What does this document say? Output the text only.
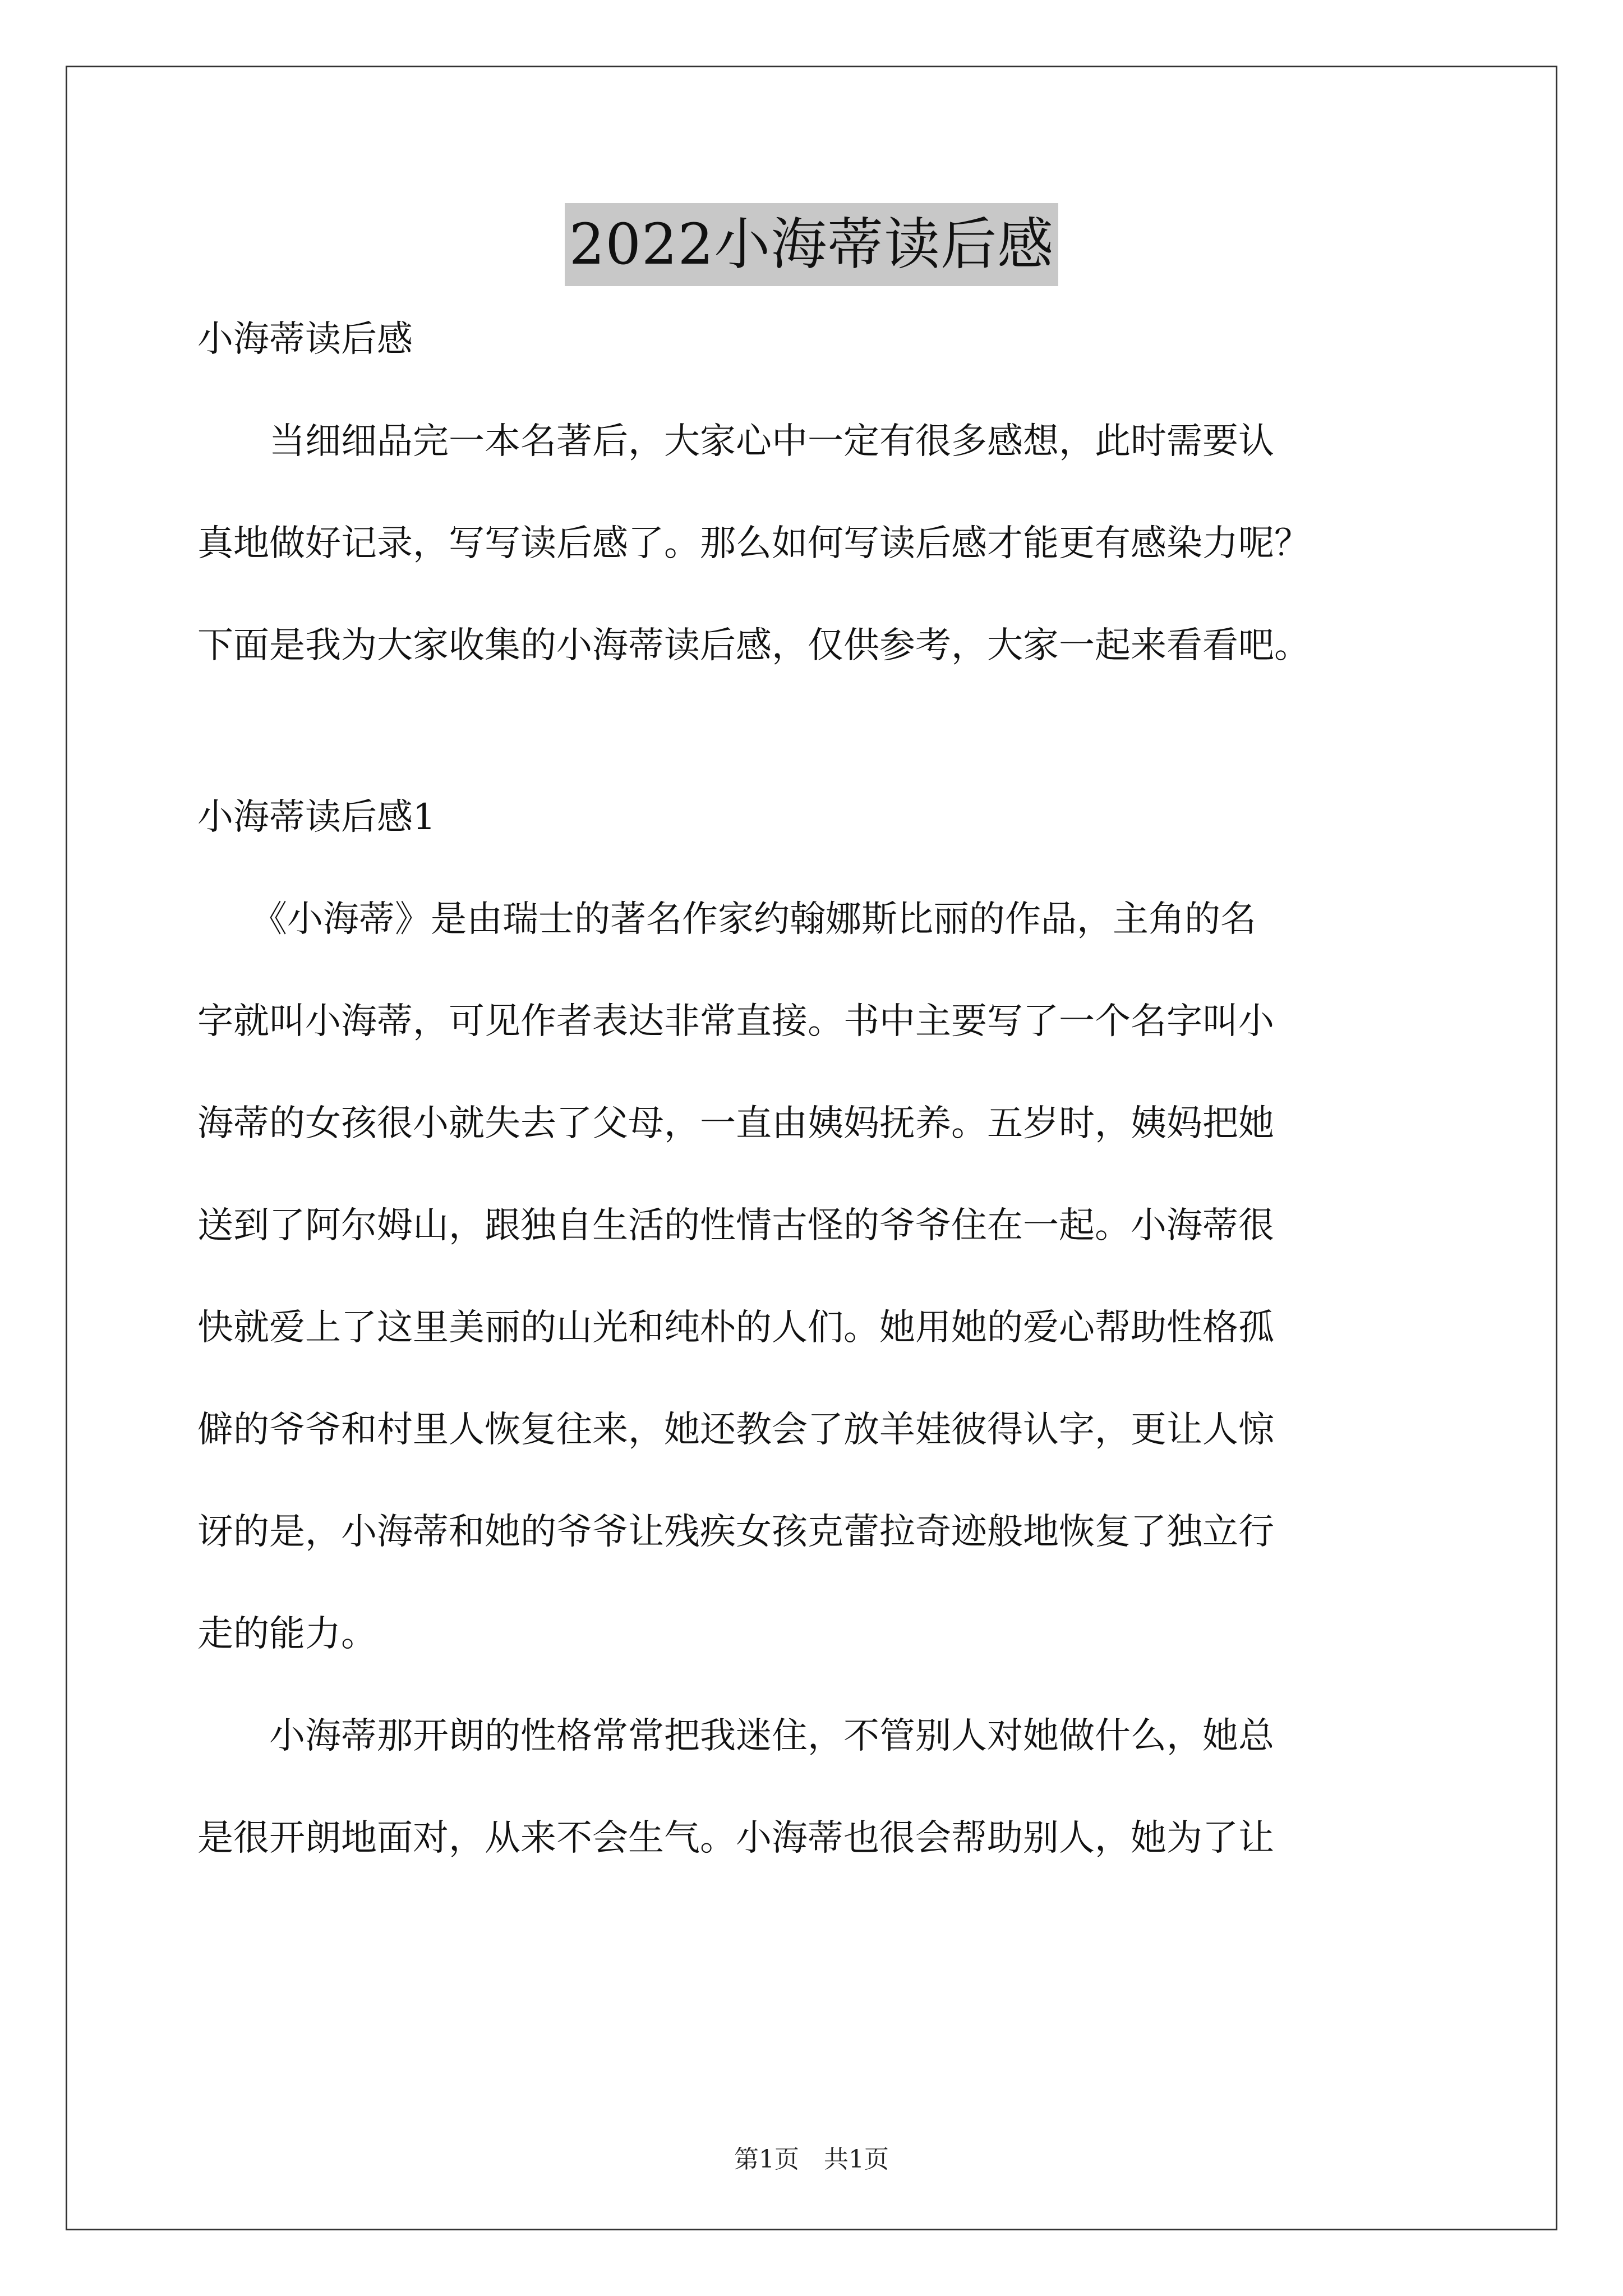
2022小海蒂读后感
小海蒂读后感
　　当细细品完一本名著后，大家心中一定有很多感想，此时需要认
真地做好记录，写写读后感了。那么如何写读后感才能更有感染力呢？
下面是我为大家收集的小海蒂读后感，仅供参考，大家一起来看看吧。
小海蒂读后感1
　　《小海蒂》是由瑞士的著名作家约翰娜斯比丽的作品，主角的名
字就叫小海蒂，可见作者表达非常直接。书中主要写了一个名字叫小
海蒂的女孩很小就失去了父母，一直由姨妈抚养。五岁时，姨妈把她
送到了阿尔姆山，跟独自生活的性情古怪的爷爷住在一起。小海蒂很
快就爱上了这里美丽的山光和纯朴的人们。她用她的爱心帮助性格孤
僻的爷爷和村里人恢复往来，她还教会了放羊娃彼得认字，更让人惊
讶的是，小海蒂和她的爷爷让残疾女孩克蕾拉奇迹般地恢复了独立行
走的能力。
　　小海蒂那开朗的性格常常把我迷住，不管别人对她做什么，她总
是很开朗地面对，从来不会生气。小海蒂也很会帮助别人，她为了让
第1页　共1页
